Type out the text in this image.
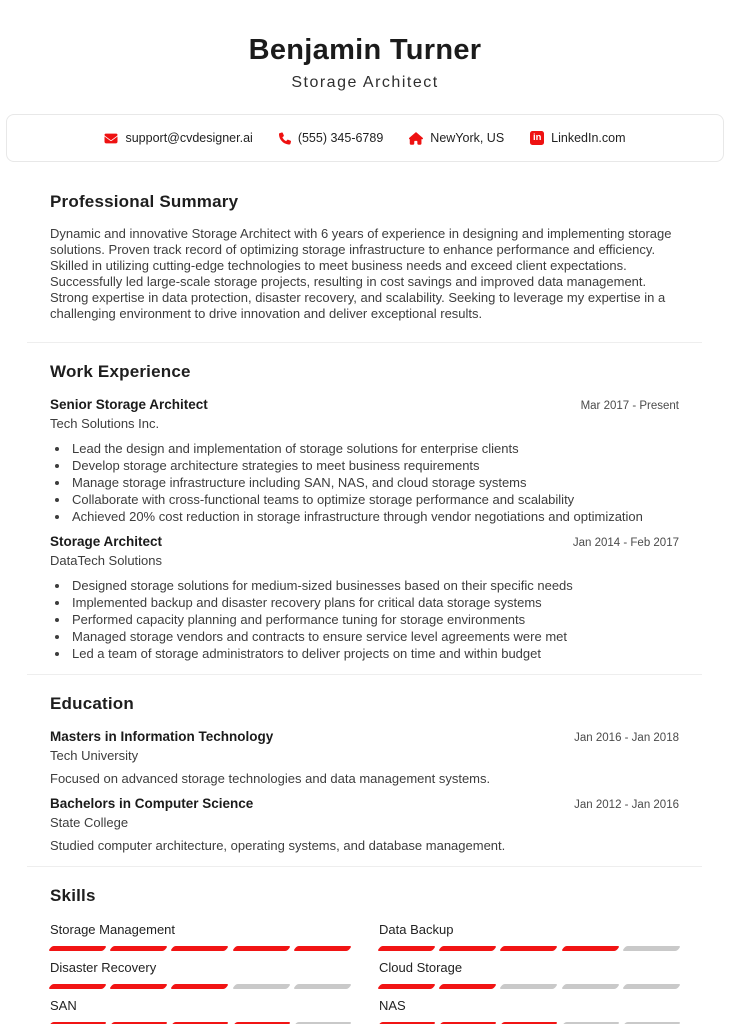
Benjamin Turner
Storage Architect
support@cvdesigner.ai	(555) 345-6789	NewYork, US	in LinkedIn.com
Professional Summary

Dynamic and innovative Storage Architect with 6 years of experience in designing and implementing storage solutions. Proven track record of optimizing storage infrastructure to enhance performance and efficiency. Skilled in utilizing cutting-edge technologies to meet business needs and exceed client expectations. Successfully led large-scale storage projects, resulting in cost savings and improved data management. Strong expertise in data protection, disaster recovery, and scalability. Seeking to leverage my expertise in a challenging environment to drive innovation and deliver exceptional results.

Work Experience
Senior Storage Architect	Mar 2017 - Present
Tech Solutions Inc.
• Lead the design and implementation of storage solutions for enterprise clients
• Develop storage architecture strategies to meet business requirements
• Manage storage infrastructure including SAN, NAS, and cloud storage systems
• Collaborate with cross-functional teams to optimize storage performance and scalability
• Achieved 20% cost reduction in storage infrastructure through vendor negotiations and optimization
Storage Architect	Jan 2014 - Feb 2017
DataTech Solutions
• Designed storage solutions for medium-sized businesses based on their specific needs
• Implemented backup and disaster recovery plans for critical data storage systems
• Performed capacity planning and performance tuning for storage environments
• Managed storage vendors and contracts to ensure service level agreements were met
• Led a team of storage administrators to deliver projects on time and within budget
Education
Masters in Information Technology	Jan 2016 - Jan 2018
Tech University

Focused on advanced storage technologies and data management systems.

Bachelors in Computer Science	Jan 2012 - Jan 2016
State College

Studied computer architecture, operating systems, and database management.

Skills
Storage Management	Data Backup
Disaster Recovery	Cloud Storage
SAN	NAS
